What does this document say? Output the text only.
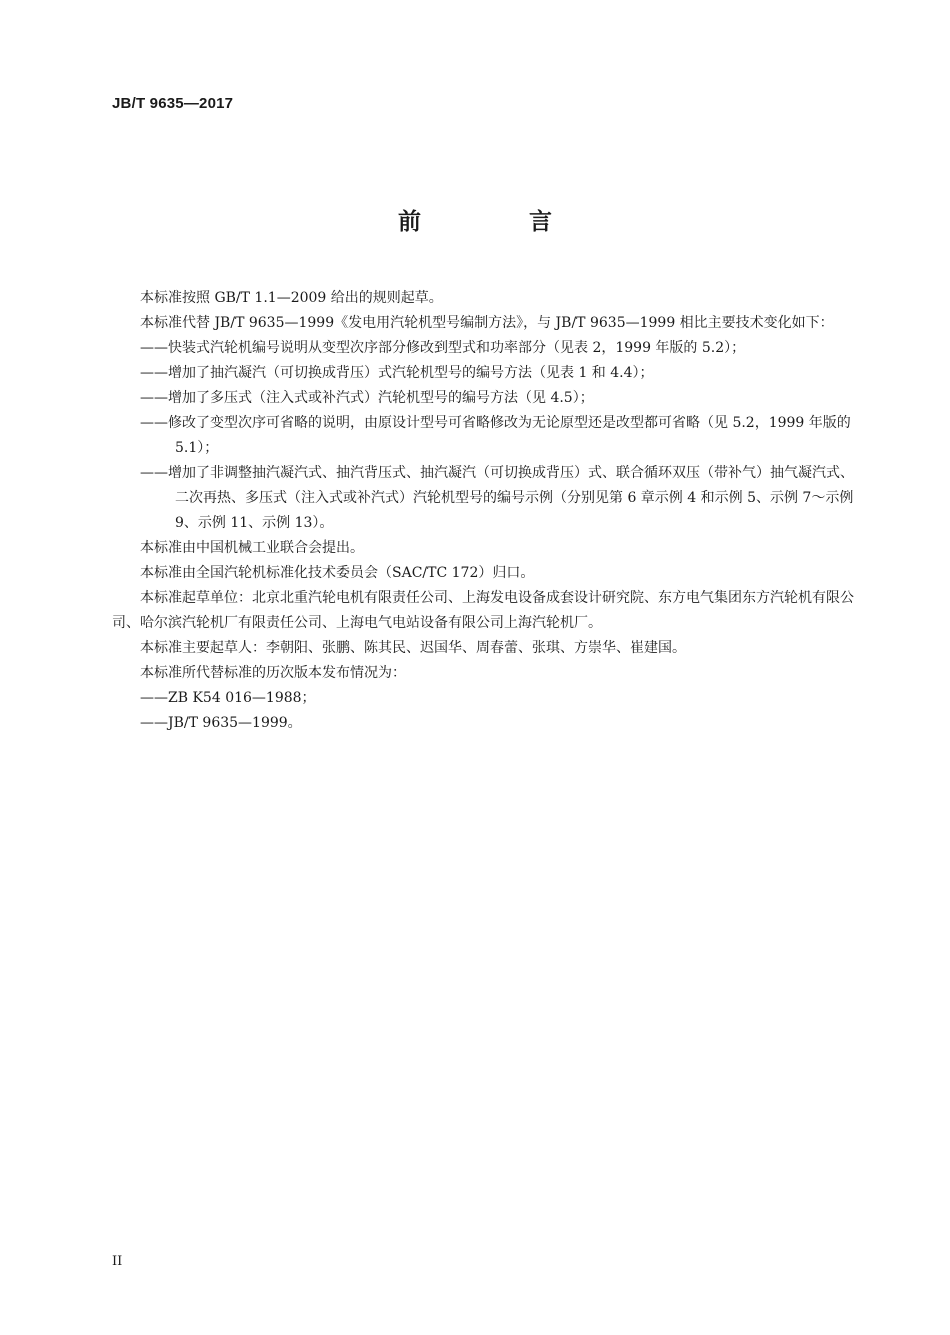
JB/T 9635—2017
前 言

本标准按照 GB/T 1.1—2009 给出的规则起草。

本标准代替 JB/T 9635—1999《发电用汽轮机型号编制方法》，与 JB/T 9635—1999 相比主要技术变化如下：

——快装式汽轮机编号说明从变型次序部分修改到型式和功率部分（见表 2，1999 年版的 5.2）；

——增加了抽汽凝汽（可切换成背压）式汽轮机型号的编号方法（见表 1 和 4.4）；

——增加了多压式（注入式或补汽式）汽轮机型号的编号方法（见 4.5）；

——修改了变型次序可省略的说明，由原设计型号可省略修改为无论原型还是改型都可省略（见 5.2，1999 年版的 5.1）；

——增加了非调整抽汽凝汽式、抽汽背压式、抽汽凝汽（可切换成背压）式、联合循环双压（带补气）抽气凝汽式、二次再热、多压式（注入式或补汽式）汽轮机型号的编号示例（分别见第 6 章示例 4 和示例 5、示例 7～示例 9、示例 11、示例 13）。

本标准由中国机械工业联合会提出。

本标准由全国汽轮机标准化技术委员会（SAC/TC 172）归口。

本标准起草单位：北京北重汽轮电机有限责任公司、上海发电设备成套设计研究院、东方电气集团东方汽轮机有限公司、哈尔滨汽轮机厂有限责任公司、上海电气电站设备有限公司上海汽轮机厂。

本标准主要起草人：李朝阳、张鹏、陈其民、迟国华、周春蕾、张琪、方崇华、崔建国。

本标准所代替标准的历次版本发布情况为：

——ZB K54 016—1988；

——JB/T 9635—1999。

II
